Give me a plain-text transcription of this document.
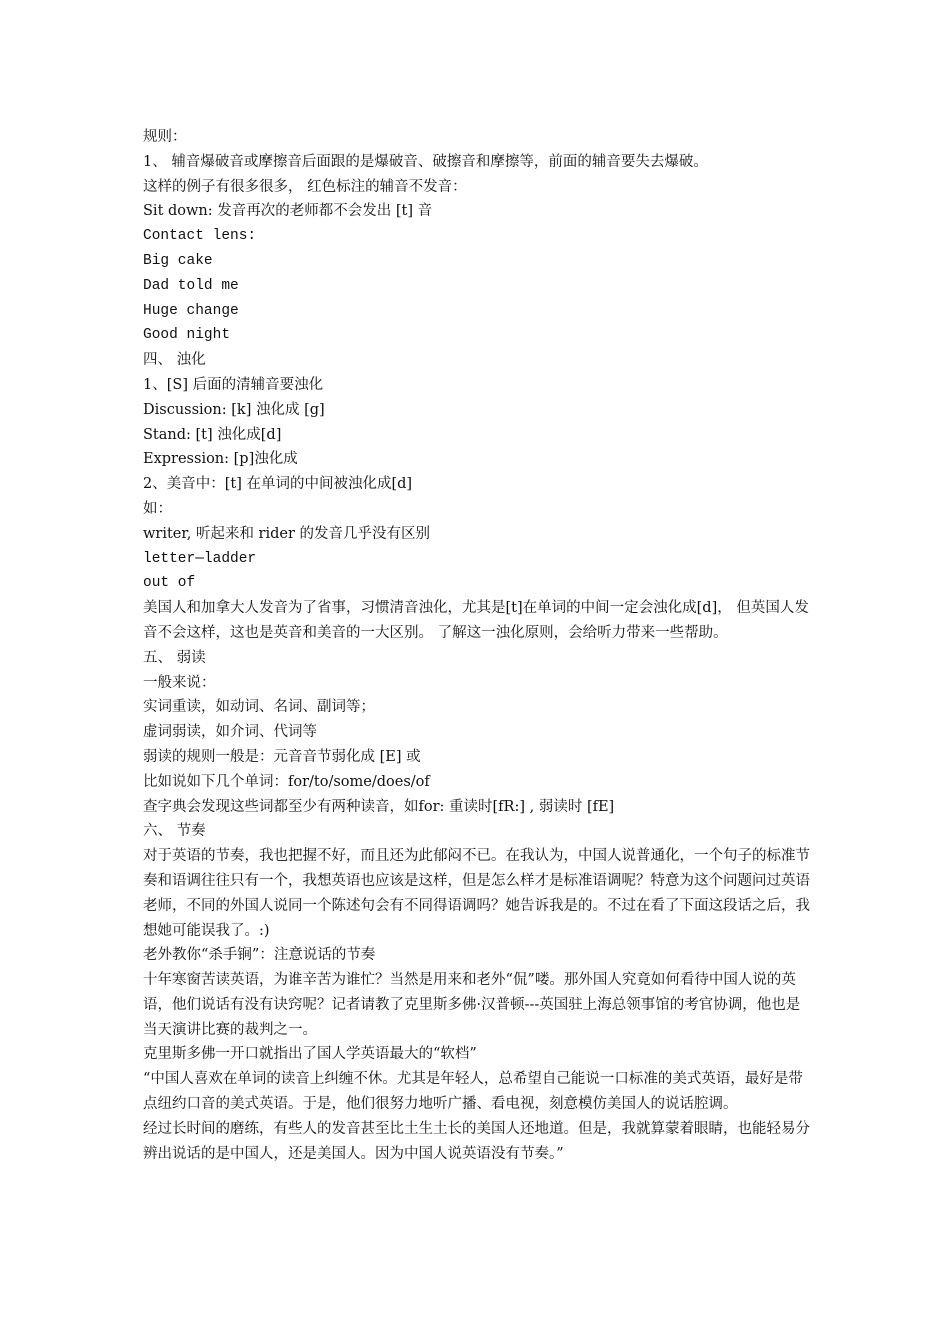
规则：
1、 辅音爆破音或摩擦音后面跟的是爆破音、破擦音和摩擦等，前面的辅音要失去爆破。
这样的例子有很多很多， 红色标注的辅音不发音：
Sit down: 发音再次的老师都不会发出 [t] 音
Contact lens:
Big cake
Dad told me
Huge change
Good night
四、 浊化
1、[S] 后面的清辅音要浊化
Discussion: [k] 浊化成 [g]
Stand: [t] 浊化成[d]
Expression: [p]浊化成
2、美音中：[t] 在单词的中间被浊化成[d]
如：
writer, 听起来和 rider 的发音几乎没有区别
letter—ladder
out of
美国人和加拿大人发音为了省事，习惯清音浊化，尤其是[t]在单词的中间一定会浊化成[d]， 但英国人发音不会这样，这也是英音和美音的一大区别。 了解这一浊化原则，会给听力带来一些帮助。
五、 弱读
一般来说：
实词重读，如动词、名词、副词等；
虚词弱读，如介词、代词等
弱读的规则一般是：元音音节弱化成 [E] 或
比如说如下几个单词：for/to/some/does/of
查字典会发现这些词都至少有两种读音，如for: 重读时[fR:] , 弱读时 [fE]
六、 节奏
对于英语的节奏，我也把握不好，而且还为此郁闷不已。在我认为，中国人说普通化，一个句子的标准节奏和语调往往只有一个，我想英语也应该是这样，但是怎么样才是标准语调呢？特意为这个问题问过英语老师，不同的外国人说同一个陈述句会有不同得语调吗？她告诉我是的。不过在看了下面这段话之后，我想她可能误我了。:)
老外教你“杀手锏”：注意说话的节奏
十年寒窗苦读英语，为谁辛苦为谁忙？当然是用来和老外“侃”喽。那外国人究竟如何看待中国人说的英语，他们说话有没有诀窍呢？记者请教了克里斯多佛·汉普顿---英国驻上海总领事馆的考官协调，他也是当天演讲比赛的裁判之一。
克里斯多佛一开口就指出了国人学英语最大的“软档”
“中国人喜欢在单词的读音上纠缠不休。尤其是年轻人，总希望自己能说一口标准的美式英语，最好是带点纽约口音的美式英语。于是，他们很努力地听广播、看电视，刻意模仿美国人的说话腔调。
经过长时间的磨练，有些人的发音甚至比土生土长的美国人还地道。但是，我就算蒙着眼睛，也能轻易分辨出说话的是中国人，还是美国人。因为中国人说英语没有节奏。”
